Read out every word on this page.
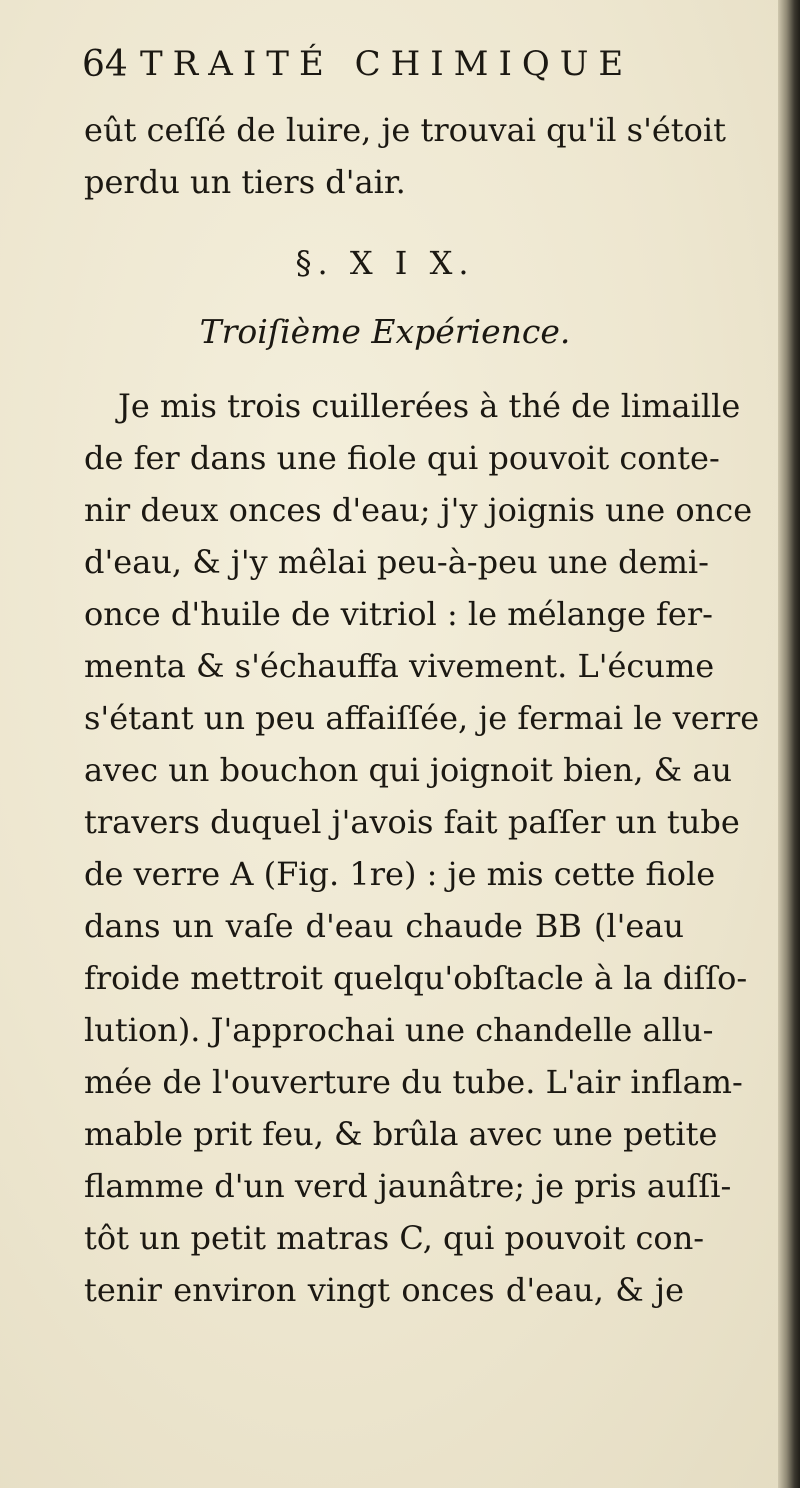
64 TRAITÉ CHIMIQUE
eût ceſſé de luire, je trouvai qu'il s'étoit
perdu un tiers d'air.
§. X I X.
Troiſième Expérience.
Je mis trois cuillerées à thé de limaille
de fer dans une fiole qui pouvoit conte-
nir deux onces d'eau; j'y joignis une once
d'eau, & j'y mêlai peu-à-peu une demi-
once d'huile de vitriol : le mélange fer-
menta & s'échauffa vivement. L'écume
s'étant un peu affaiſſée, je fermai le verre
avec un bouchon qui joignoit bien, & au
travers duquel j'avois fait paſſer un tube
de verre A (Fig. 1re) : je mis cette fiole
dans un vaſe d'eau chaude BB (l'eau
froide mettroit quelqu'obſtacle à la diſſo-
lution). J'approchai une chandelle allu-
mée de l'ouverture du tube. L'air inflam-
mable prit feu, & brûla avec une petite
flamme d'un verd jaunâtre; je pris auſſi-
tôt un petit matras C, qui pouvoit con-
tenir environ vingt onces d'eau, & je
